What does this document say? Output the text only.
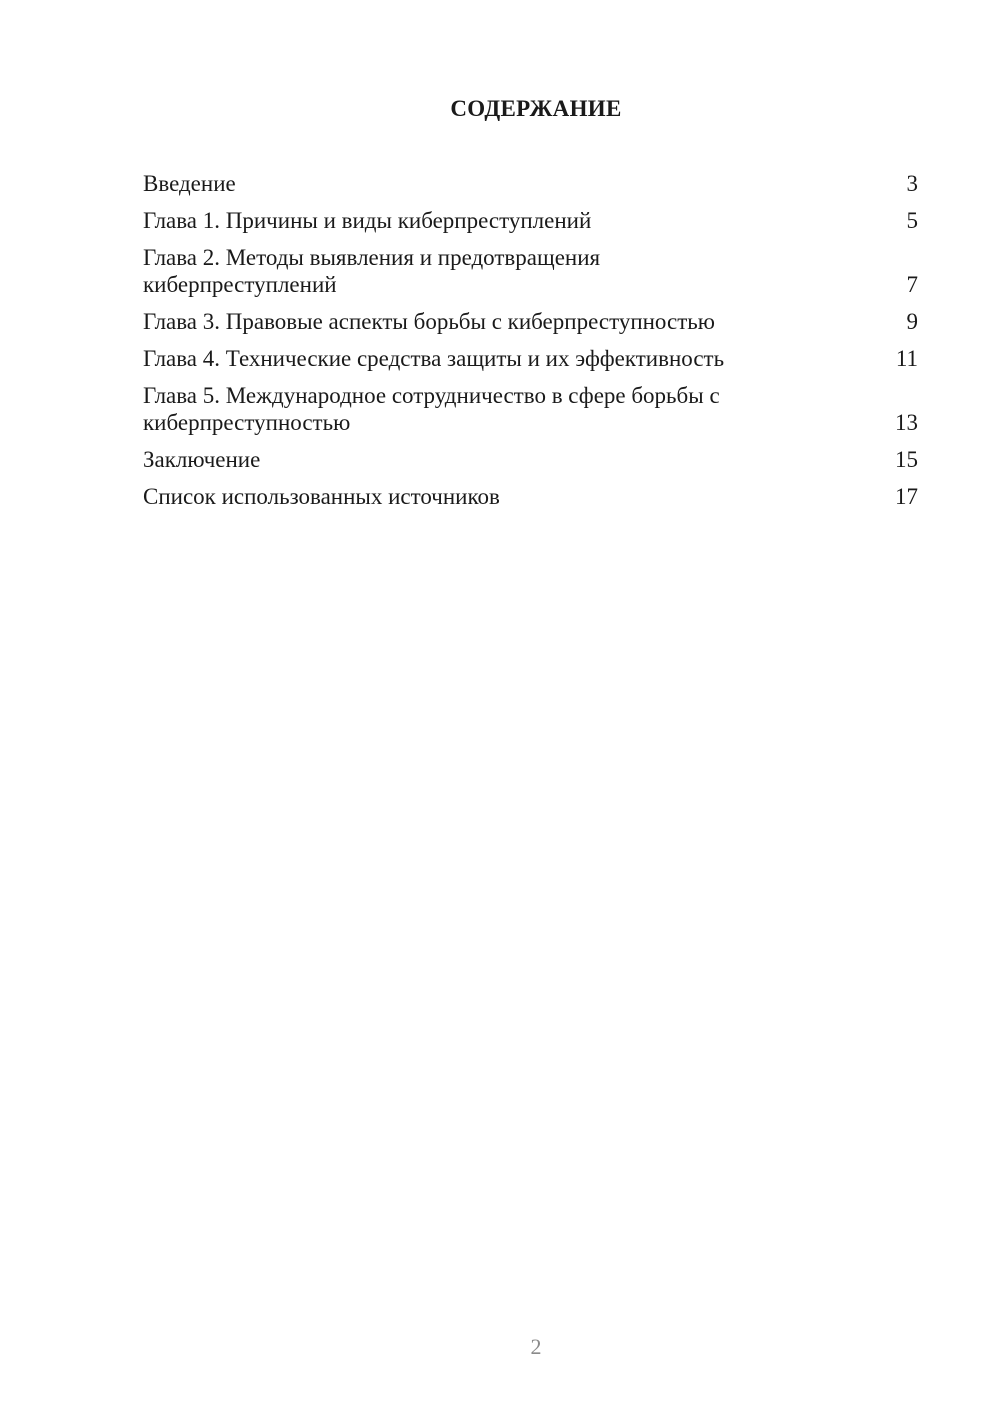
СОДЕРЖАНИЕ
Введение	3
Глава 1. Причины и виды киберпреступлений	5
Глава 2. Методы выявления и предотвращения киберпреступлений	7
Глава 3. Правовые аспекты борьбы с киберпреступностью	9
Глава 4. Технические средства защиты и их эффективность	11
Глава 5. Международное сотрудничество в сфере борьбы с киберпреступностью	13
Заключение	15
Список использованных источников	17
2
